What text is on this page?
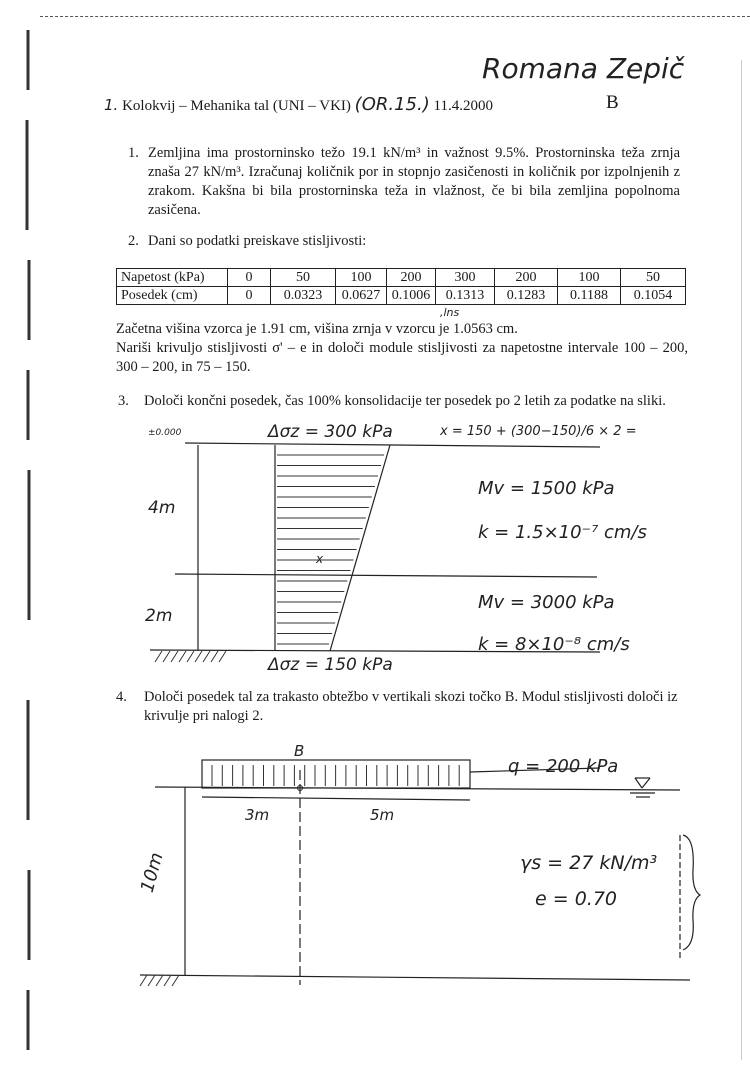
Romana Zepič
1. Kolokvij – Mehanika tal (UNI – VKI) (OR.15.) 11.4.2000	B
1. Zemljina ima prostorninsko težo 19.1 kN/m³ in važnost 9.5%. Prostorninska teža zrnja znaša 27 kN/m³. Izračunaj količnik por in stopnjo zasičenosti in količnik por izpolnjenih z zrakom. Kakšna bi bila prostorninska teža in vlažnost, če bi bila zemljina popolnoma zasičena.
2. Dani so podatki preiskave stisljivosti:
Napetost (kPa)	0	50	100	200	300	200	100	50
Posedek (cm)	0	0.0323	0.0627	0.1006	0.1313	0.1283	0.1188	0.1054
,lns
Začetna višina vzorca je 1.91 cm, višina zrnja v vzorcu je 1.0563 cm.
Nariši krivuljo stisljivosti σ' – e in določi module stisljivosti za napetostne intervale 100 – 200, 300 – 200, in 75 – 150.
3. Določi končni posedek, čas 100% konsolidacije ter posedek po 2 letih za podatke na sliki.
±0.000	Δσz = 300 kPa	x = 150 + (300−150)/6 × 2 =
4m
2m
Mv = 1500 kPa
k = 1.5×10⁻⁷ cm/s
Mv = 3000 kPa
k = 8×10⁻⁸ cm/s
x
Δσz = 150 kPa
4. Določi posedek tal za trakasto obtežbo v vertikali skozi točko B. Modul stisljivosti določi iz krivulje pri nalogi 2.
B
q = 200 kPa
3m	5m
10m	γs = 27 kN/m³
e = 0.70
